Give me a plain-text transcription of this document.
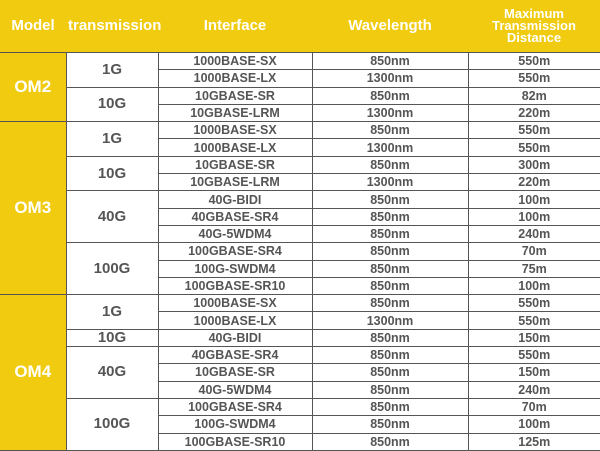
Model	transmission	Interface	Wavelength	Maximum Transmission Distance
OM2	1G	1000BASE-SX	850nm	550m
		1000BASE-LX	1300nm	550m
	10G	10GBASE-SR	850nm	82m
		10GBASE-LRM	1300nm	220m
OM3	1G	1000BASE-SX	850nm	550m
		1000BASE-LX	1300nm	550m
	10G	10GBASE-SR	850nm	300m
		10GBASE-LRM	1300nm	220m
	40G	40G-BIDI	850nm	100m
		40GBASE-SR4	850nm	100m
		40G-5WDM4	850nm	240m
	100G	100GBASE-SR4	850nm	70m
		100G-SWDM4	850nm	75m
		100GBASE-SR10	850nm	100m
OM4	1G	1000BASE-SX	850nm	550m
		1000BASE-LX	1300nm	550m
	10G	40G-BIDI	850nm	150m
	40G	40GBASE-SR4	850nm	550m
		10GBASE-SR	850nm	150m
		40G-5WDM4	850nm	240m
	100G	100GBASE-SR4	850nm	70m
		100G-SWDM4	850nm	100m
		100GBASE-SR10	850nm	125m
